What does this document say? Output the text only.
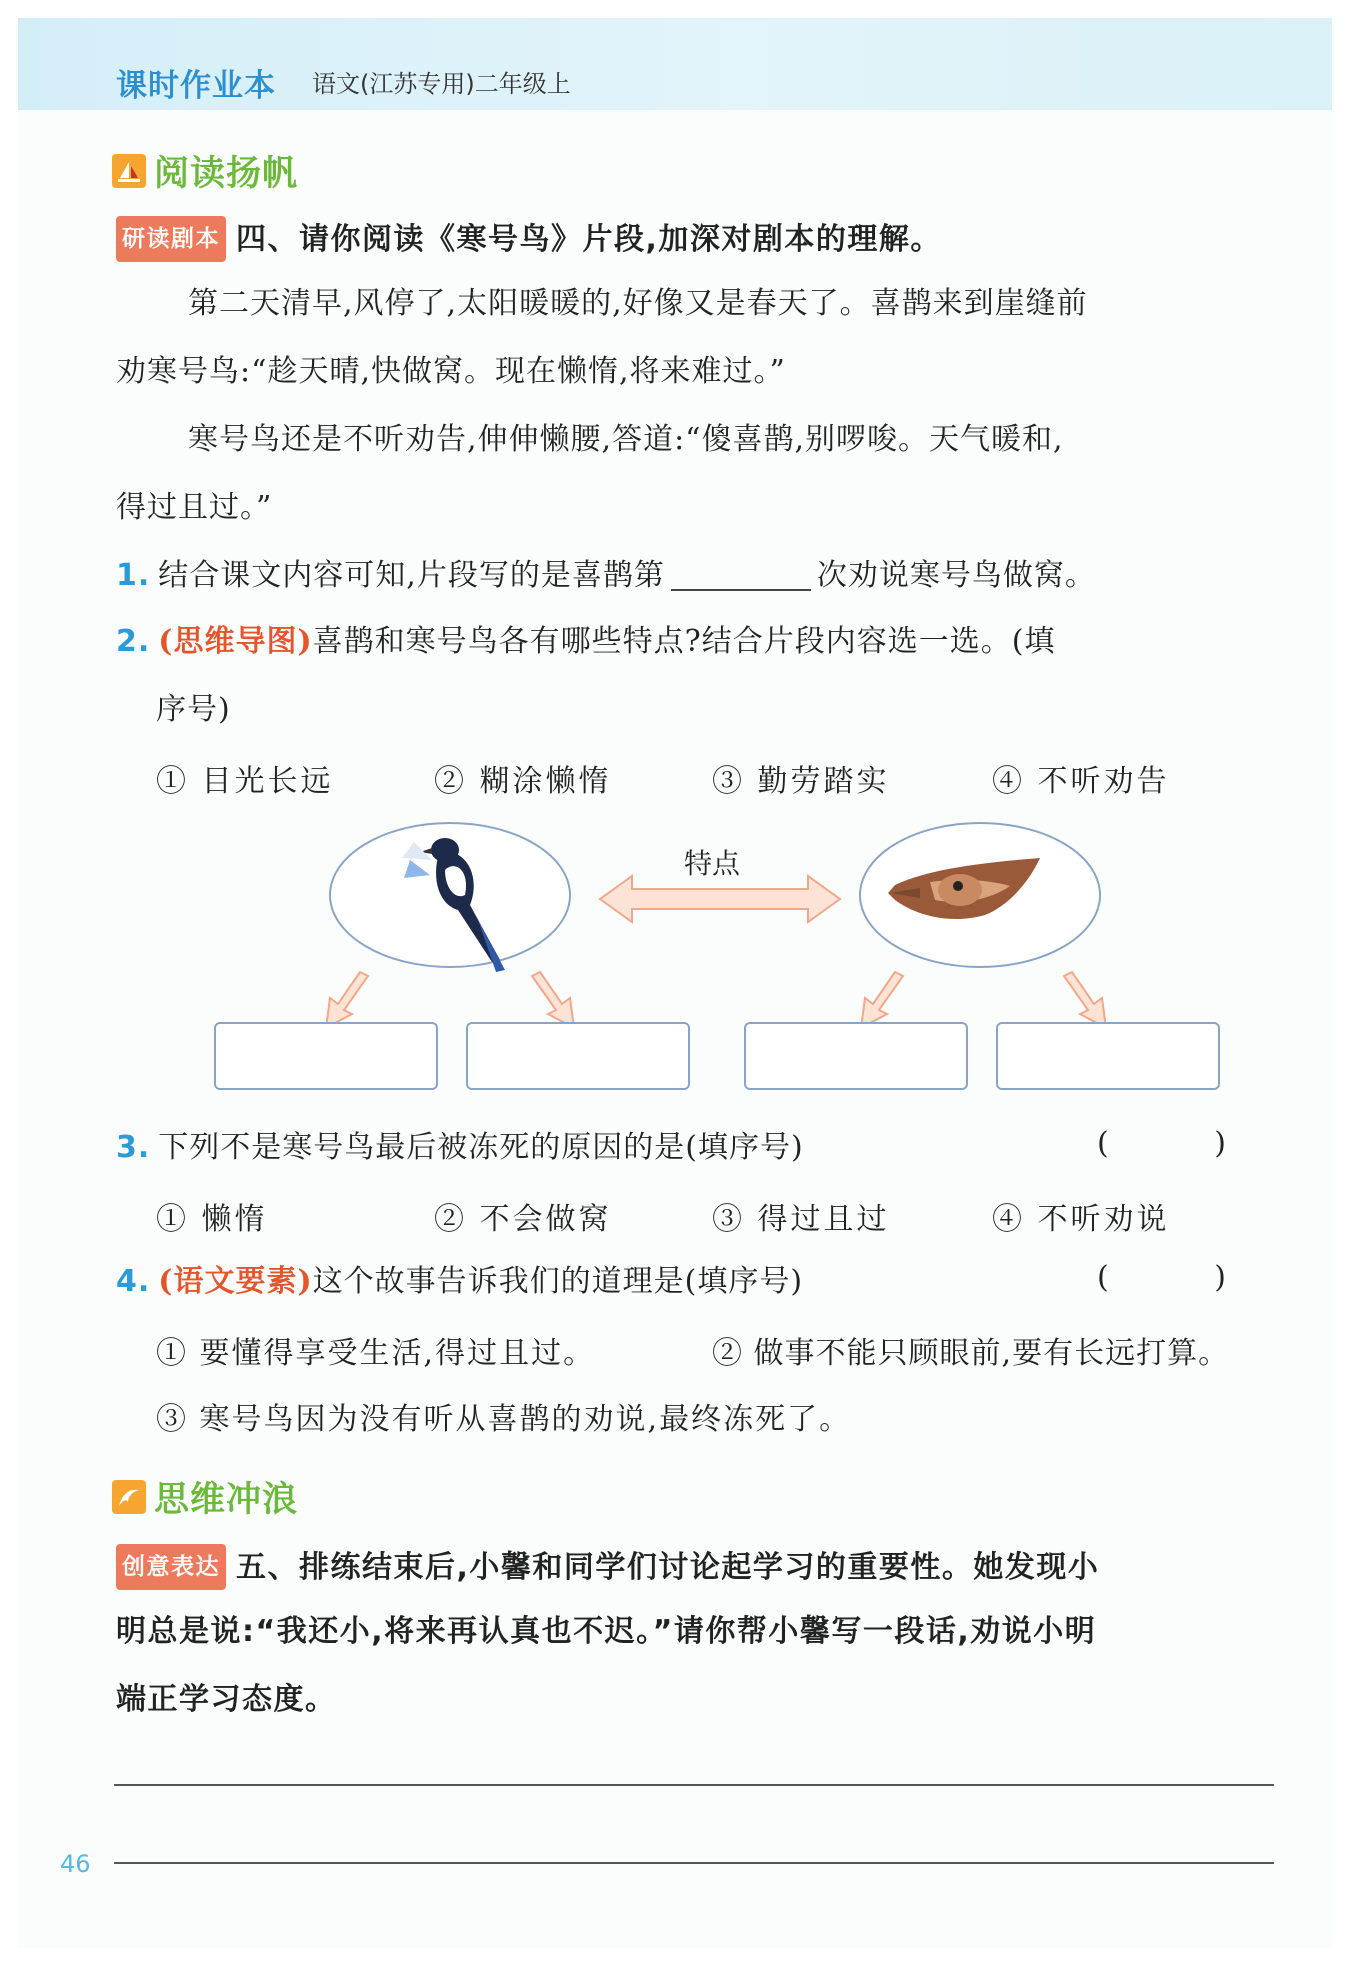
课时作业本 语文(江苏专用)二年级上
阅读扬帆
研读剧本 四、请你阅读《寒号鸟》片段,加深对剧本的理解。
第二天清早,风停了,太阳暖暖的,好像又是春天了。喜鹊来到崖缝前
劝寒号鸟:“趁天晴,快做窝。现在懒惰,将来难过。”
寒号鸟还是不听劝告,伸伸懒腰,答道:“傻喜鹊,别啰唆。天气暖和,
得过且过。”
1. 结合课文内容可知,片段写的是喜鹊第	次劝说寒号鸟做窝。
2. (思维导图)喜鹊和寒号鸟各有哪些特点?结合片段内容选一选。(填
序号)
① 目光长远	② 糊涂懒惰	③ 勤劳踏实	④ 不听劝告
特点
3. 下列不是寒号鸟最后被冻死的原因的是(填序号)	( )
① 懒惰	② 不会做窝	③ 得过且过	④ 不听劝说
4. (语文要素)这个故事告诉我们的道理是(填序号)	( )
① 要懂得享受生活,得过且过。	② 做事不能只顾眼前,要有长远打算。
③ 寒号鸟因为没有听从喜鹊的劝说,最终冻死了。
思维冲浪
创意表达 五、排练结束后,小馨和同学们讨论起学习的重要性。她发现小
明总是说:“我还小,将来再认真也不迟。”请你帮小馨写一段话,劝说小明
端正学习态度。
46
